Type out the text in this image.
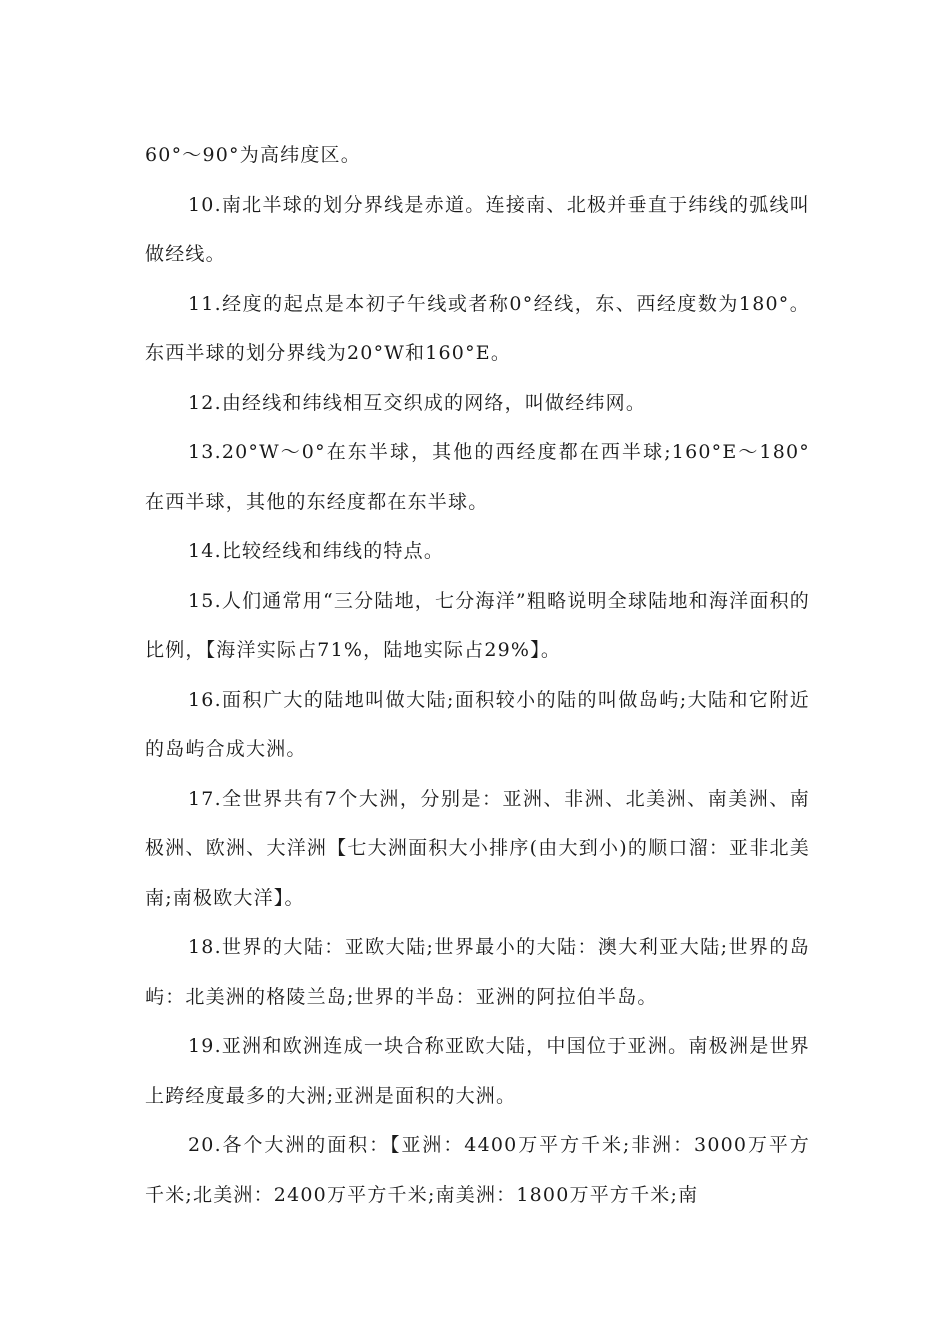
60°～90°为高纬度区。

10.南北半球的划分界线是赤道。连接南、北极并垂直于纬线的弧线叫做经线。

11.经度的起点是本初子午线或者称0°经线，东、西经度数为180°。东西半球的划分界线为20°W和160°E。

12.由经线和纬线相互交织成的网络，叫做经纬网。

13.20°W～0°在东半球，其他的西经度都在西半球;160°E～180°在西半球，其他的东经度都在东半球。

14.比较经线和纬线的特点。

15.人们通常用“三分陆地，七分海洋”粗略说明全球陆地和海洋面积的比例，【海洋实际占71%，陆地实际占29%】。

16.面积广大的陆地叫做大陆;面积较小的陆的叫做岛屿;大陆和它附近的岛屿合成大洲。

17.全世界共有7个大洲，分别是：亚洲、非洲、北美洲、南美洲、南极洲、欧洲、大洋洲【七大洲面积大小排序(由大到小)的顺口溜：亚非北美南;南极欧大洋】。

18.世界的大陆：亚欧大陆;世界最小的大陆：澳大利亚大陆;世界的岛屿：北美洲的格陵兰岛;世界的半岛：亚洲的阿拉伯半岛。

19.亚洲和欧洲连成一块合称亚欧大陆，中国位于亚洲。南极洲是世界上跨经度最多的大洲;亚洲是面积的大洲。

20.各个大洲的面积：【亚洲：4400万平方千米;非洲：3000万平方千米;北美洲：2400万平方千米;南美洲：1800万平方千米;南
